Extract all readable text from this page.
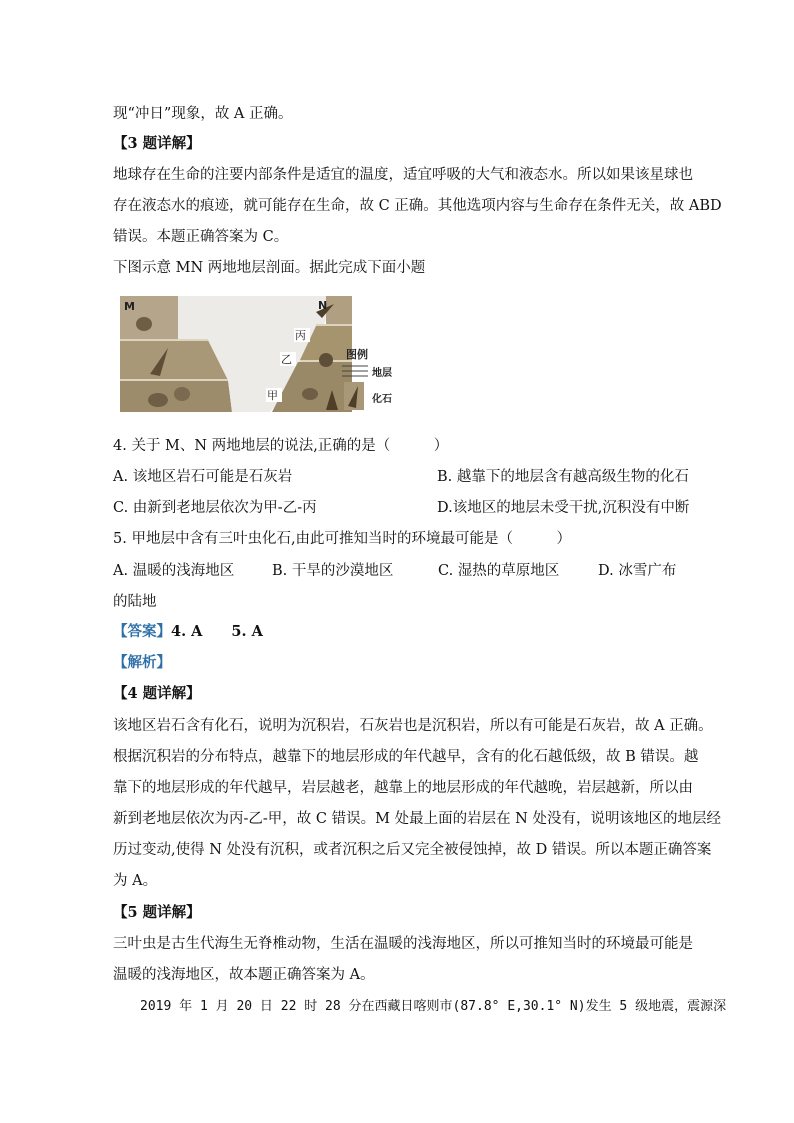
现“冲日”现象，故 A 正确。
【3 题详解】
地球存在生命的注要内部条件是适宜的温度，适宜呼吸的大气和液态水。所以如果该星球也
存在液态水的痕迹，就可能存在生命，故 C 正确。其他选项内容与生命存在条件无关，故 ABD
错误。本题正确答案为 C。
下图示意 MN 两地地层剖面。据此完成下面小题
M	N
丙
乙
甲
图例
地层
化石
4. 关于 M、N 两地地层的说法,正确的是（　　　）
A. 该地区岩石可能是石灰岩	B. 越靠下的地层含有越高级生物的化石
C. 由新到老地层依次为甲-乙-丙	D.该地区的地层未受干扰,沉积没有中断
5. 甲地层中含有三叶虫化石,由此可推知当时的环境最可能是（　　　）
A. 温暖的浅海地区	B. 干旱的沙漠地区	C. 湿热的草原地区	D. 冰雪广布
的陆地
【答案】4. A　　5. A
【解析】
【4 题详解】
该地区岩石含有化石，说明为沉积岩，石灰岩也是沉积岩，所以有可能是石灰岩，故 A 正确。
根据沉积岩的分布特点，越靠下的地层形成的年代越早，含有的化石越低级，故 B 错误。越
靠下的地层形成的年代越早，岩层越老，越靠上的地层形成的年代越晚，岩层越新，所以由
新到老地层依次为丙-乙-甲，故 C 错误。M 处最上面的岩层在 N 处没有，说明该地区的地层经
历过变动,使得 N 处没有沉积，或者沉积之后又完全被侵蚀掉，故 D 错误。所以本题正确答案
为 A。
【5 题详解】
三叶虫是古生代海生无脊椎动物，生活在温暖的浅海地区，所以可推知当时的环境最可能是
温暖的浅海地区，故本题正确答案为 A。
2019 年 1 月 20 日 22 时 28 分在西藏日喀则市(87.8° E,30.1° N)发生 5 级地震，震源深
